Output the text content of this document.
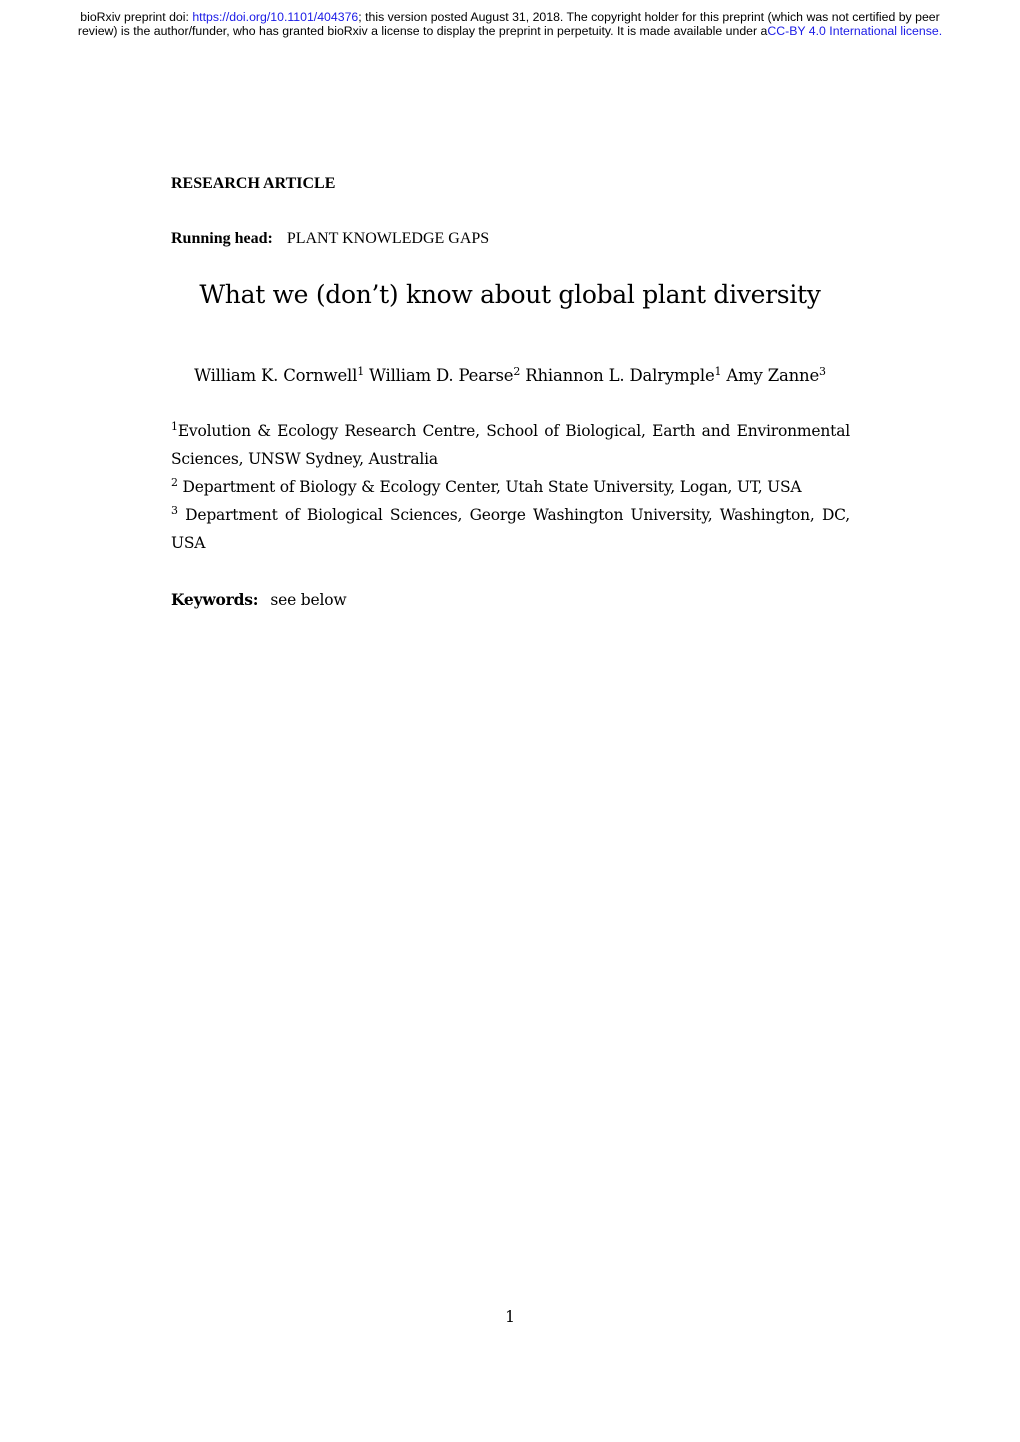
bioRxiv preprint doi: https://doi.org/10.1101/404376; this version posted August 31, 2018. The copyright holder for this preprint (which was not certified by peer review) is the author/funder, who has granted bioRxiv a license to display the preprint in perpetuity. It is made available under aCC-BY 4.0 International license.
RESEARCH ARTICLE
Running head: PLANT KNOWLEDGE GAPS
What we (don’t) know about global plant diversity
William K. Cornwell$^1$ William D. Pearse$^2$ Rhiannon L. Dalrymple$^1$ Amy Zanne$^3$

$^1$Evolution & Ecology Research Centre, School of Biological, Earth and Environmental Sciences, UNSW Sydney, Australia

$^2$ Department of Biology & Ecology Center, Utah State University, Logan, UT, USA

$^3$ Department of Biological Sciences, George Washington University, Washington, DC, USA

Keywords: see below
1
